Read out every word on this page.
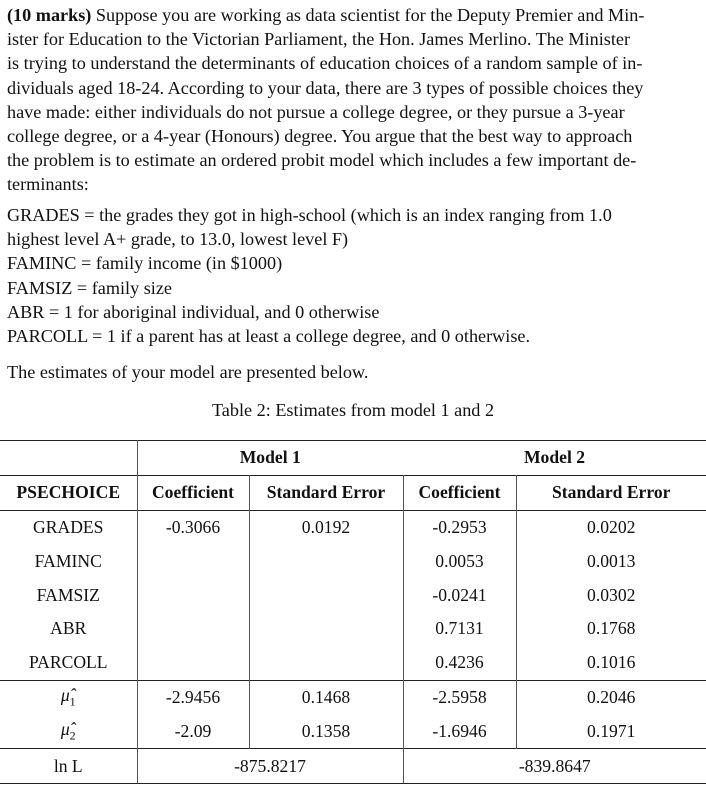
(10 marks) Suppose you are working as data scientist for the Deputy Premier and Min-
ister for Education to the Victorian Parliament, the Hon. James Merlino. The Minister
is trying to understand the determinants of education choices of a random sample of in-
dividuals aged 18-24. According to your data, there are 3 types of possible choices they
have made: either individuals do not pursue a college degree, or they pursue a 3-year
college degree, or a 4-year (Honours) degree. You argue that the best way to approach
the problem is to estimate an ordered probit model which includes a few important de-
terminants:
GRADES = the grades they got in high-school (which is an index ranging from 1.0
highest level A+ grade, to 13.0, lowest level F)
FAMINC = family income (in $1000)
FAMSIZ = family size
ABR = 1 for aboriginal individual, and 0 otherwise
PARCOLL = 1 if a parent has at least a college degree, and 0 otherwise.
The estimates of your model are presented below.
Table 2: Estimates from model 1 and 2
	Model 1		Model 2	
PSECHOICE	Coefficient	Standard Error	Coefficient	Standard Error
GRADES	-0.3066	0.0192	-0.2953	0.0202
FAMINC			0.0053	0.0013
FAMSIZ			-0.0241	0.0302
ABR			0.7131	0.1768
PARCOLL			0.4236	0.1016
$\mû_1$	-2.9456	0.1468	-2.5958	0.2046
$\mû_2$	-2.09	0.1358	-1.6946	0.1971
ln L	-875.8217		-839.8647	
